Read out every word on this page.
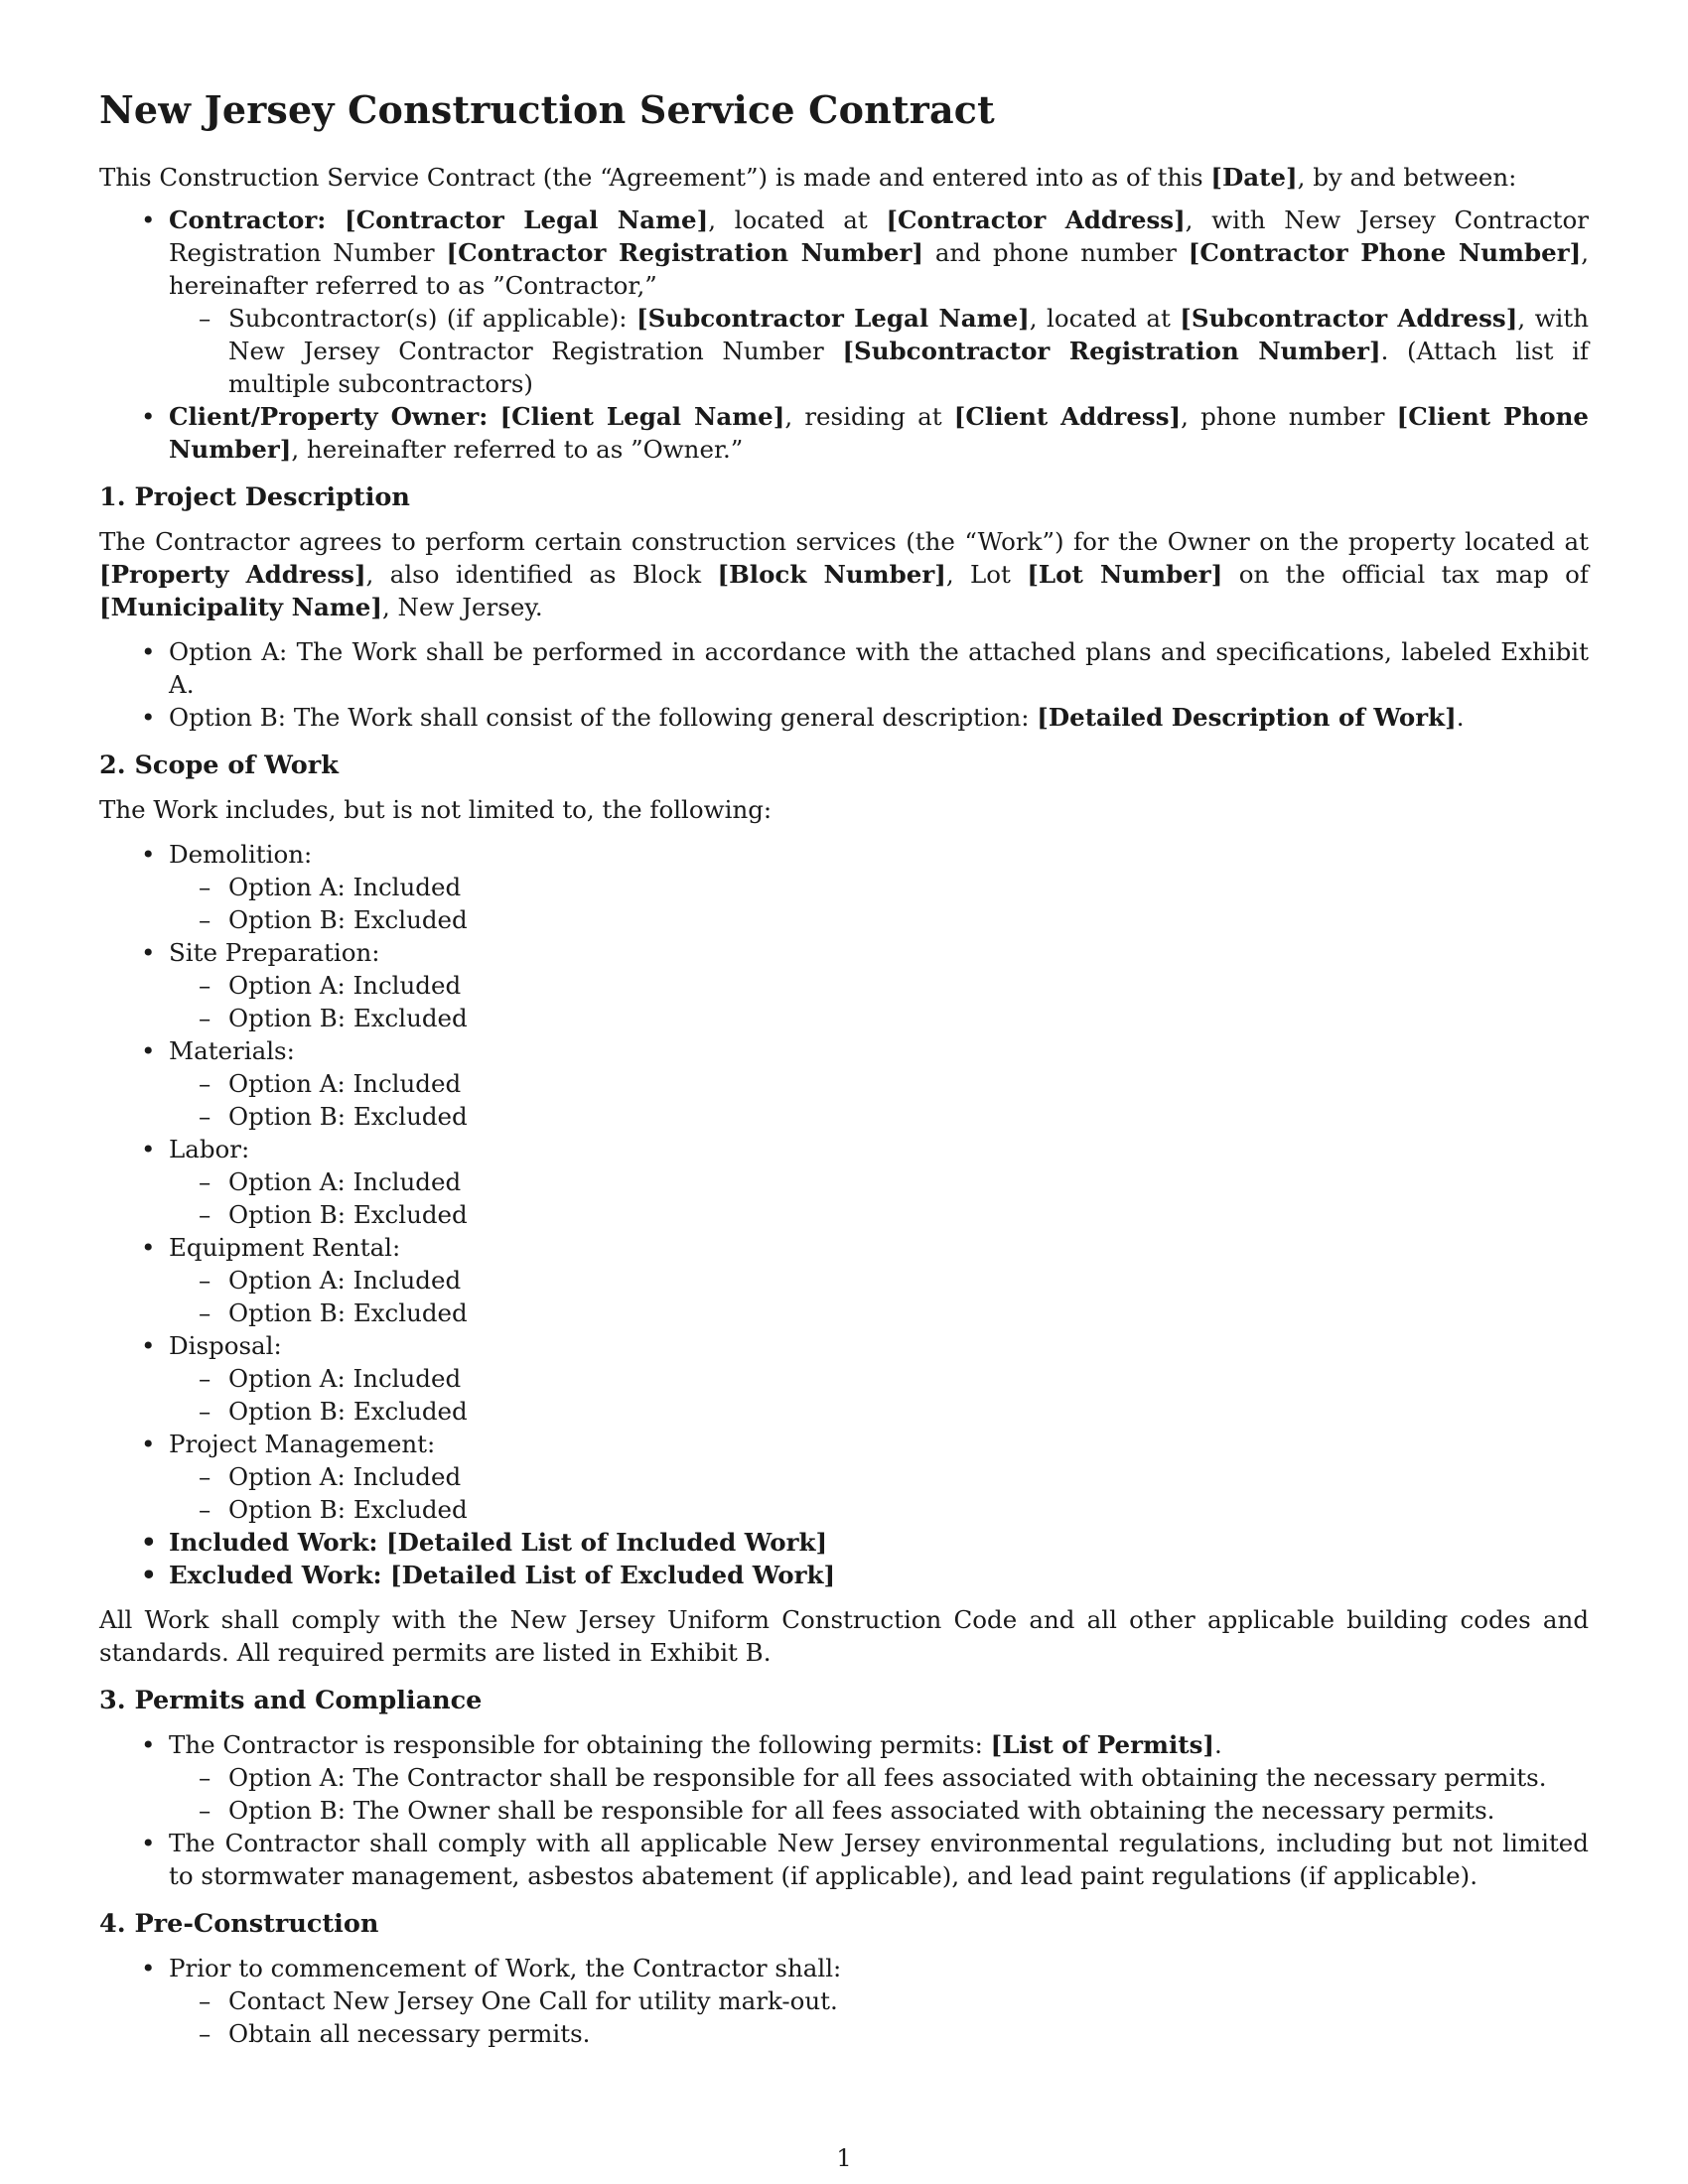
New Jersey Construction Service Contract

This Construction Service Contract (the “Agreement”) is made and entered into as of this [Date], by and between:

• Contractor: [Contractor Legal Name], located at [Contractor Address], with New Jersey Contractor Registration Number [Contractor Registration Number] and phone number [Contractor Phone Number], hereinafter referred to as ”Contractor,”
– Subcontractor(s) (if applicable): [Subcontractor Legal Name], located at [Subcontractor Address], with New Jersey Contractor Registration Number [Subcontractor Registration Number]. (Attach list if multiple subcontractors)
• Client/Property Owner: [Client Legal Name], residing at [Client Address], phone number [Client Phone Number], hereinafter referred to as ”Owner.”
1. Project Description

The Contractor agrees to perform certain construction services (the “Work”) for the Owner on the property located at [Property Address], also identified as Block [Block Number], Lot [Lot Number] on the official tax map of [Municipality Name], New Jersey.

• Option A: The Work shall be performed in accordance with the attached plans and specifications, labeled Exhibit A.
• Option B: The Work shall consist of the following general description: [Detailed Description of Work].
2. Scope of Work

The Work includes, but is not limited to, the following:

• Demolition:
– Option A: Included
– Option B: Excluded
• Site Preparation:
– Option A: Included
– Option B: Excluded
• Materials:
– Option A: Included
– Option B: Excluded
• Labor:
– Option A: Included
– Option B: Excluded
• Equipment Rental:
– Option A: Included
– Option B: Excluded
• Disposal:
– Option A: Included
– Option B: Excluded
• Project Management:
– Option A: Included
– Option B: Excluded
• Included Work: [Detailed List of Included Work]
• Excluded Work: [Detailed List of Excluded Work]

All Work shall comply with the New Jersey Uniform Construction Code and all other applicable building codes and standards. All required permits are listed in Exhibit B.

3. Permits and Compliance
• The Contractor is responsible for obtaining the following permits: [List of Permits].
– Option A: The Contractor shall be responsible for all fees associated with obtaining the necessary permits.
– Option B: The Owner shall be responsible for all fees associated with obtaining the necessary permits.
• The Contractor shall comply with all applicable New Jersey environmental regulations, including but not limited to stormwater management, asbestos abatement (if applicable), and lead paint regulations (if applicable).
4. Pre-Construction
• Prior to commencement of Work, the Contractor shall:
– Contact New Jersey One Call for utility mark-out.
– Obtain all necessary permits.
1
